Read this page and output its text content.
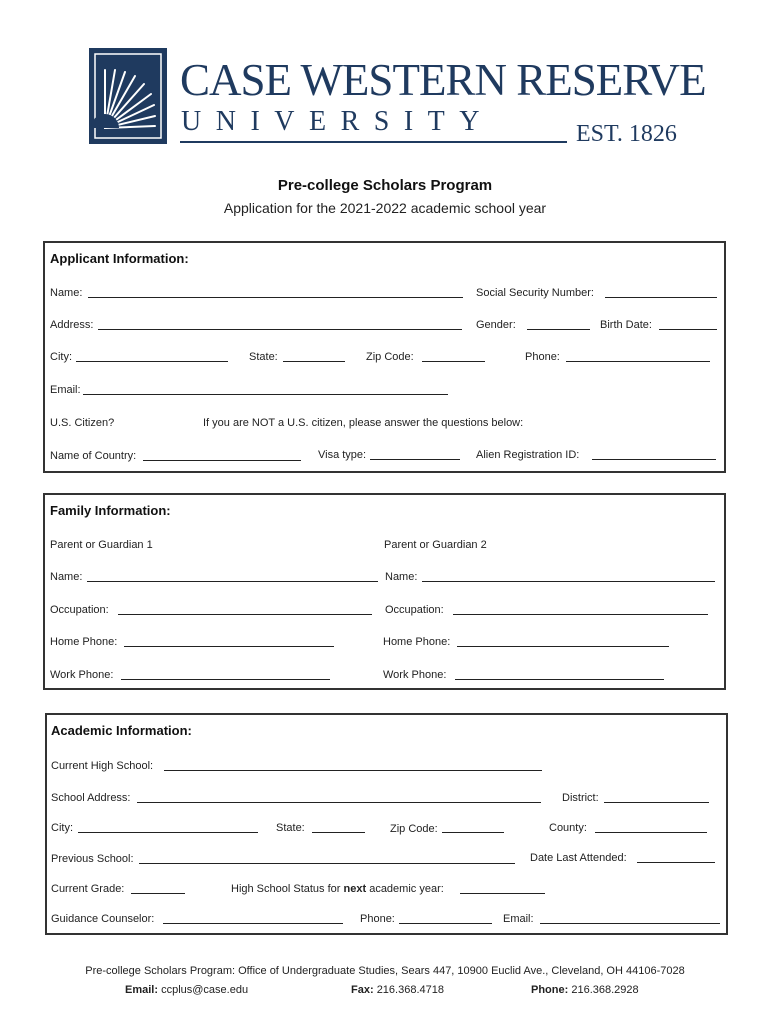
CASE WESTERN RESERVE
UNIVERSITY	EST. 1826
Pre-college Scholars Program
Application for the 2021-2022 academic school year
Applicant Information:
Name:	Social Security Number:
Address:	Gender:	Birth Date:
City:	State:	Zip Code:	Phone:
Email:
U.S. Citizen?	If you are NOT a U.S. citizen, please answer the questions below:
Name of Country:	Visa type:	Alien Registration ID:
Family Information:
Parent or Guardian 1	Parent or Guardian 2
Name:	Name:
Occupation:	Occupation:
Home Phone:	Home Phone:
Work Phone:	Work Phone:
Academic Information:
Current High School:
School Address:	District:
City:	State:	Zip Code:	County:
Previous School:	Date Last Attended:
Current Grade:	High School Status for next academic year:
Guidance Counselor:	Phone:	Email:
Pre-college Scholars Program: Office of Undergraduate Studies, Sears 447, 10900 Euclid Ave., Cleveland, OH 44106-7028
Email: ccplus@case.edu	Fax: 216.368.4718	Phone: 216.368.2928
